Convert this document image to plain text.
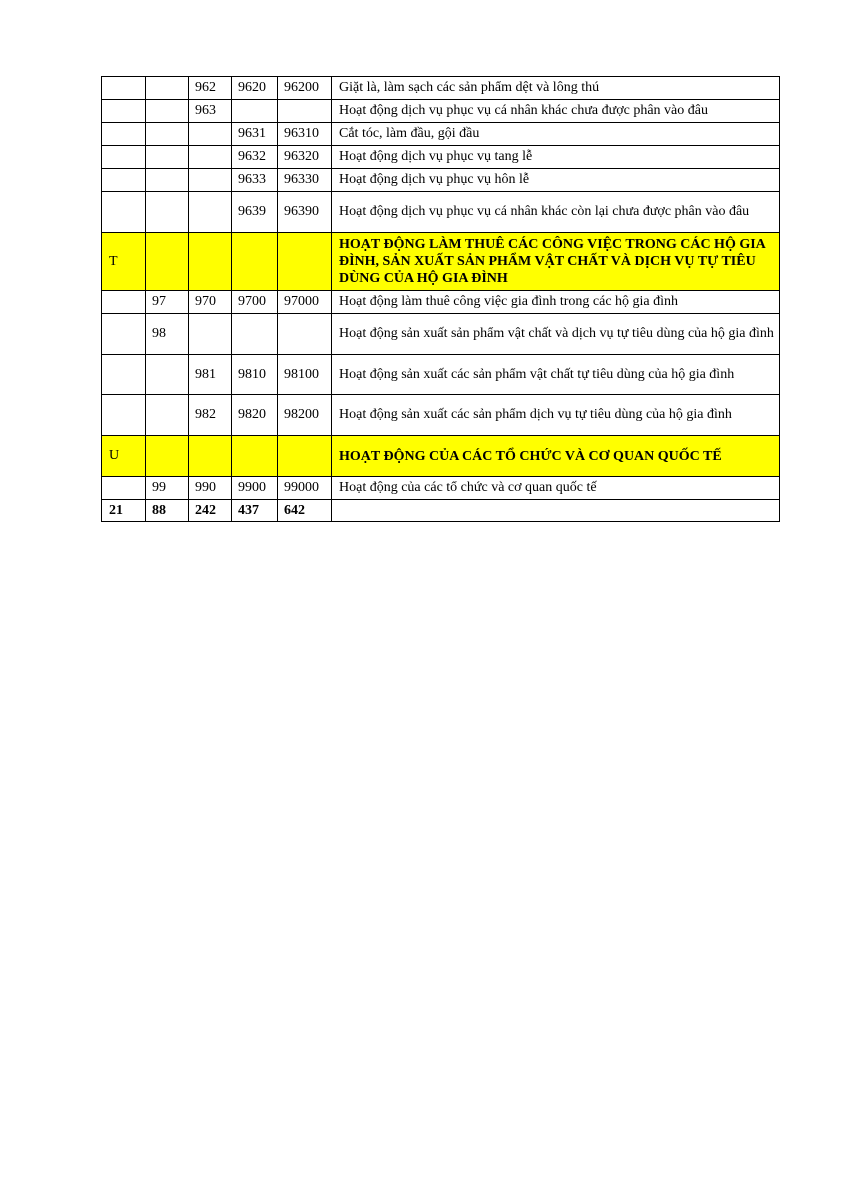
		962	9620	96200	Giặt là, làm sạch các sản phẩm dệt và lông thú
		963			Hoạt động dịch vụ phục vụ cá nhân khác chưa được phân vào đâu
			9631	96310	Cắt tóc, làm đầu, gội đầu
			9632	96320	Hoạt động dịch vụ phục vụ tang lễ
			9633	96330	Hoạt động dịch vụ phục vụ hôn lễ
			9639	96390	Hoạt động dịch vụ phục vụ cá nhân khác còn lại chưa được phân vào đâu
T					HOẠT ĐỘNG LÀM THUÊ CÁC CÔNG VIỆC TRONG CÁC HỘ GIA ĐÌNH, SẢN XUẤT SẢN PHẨM VẬT CHẤT VÀ DỊCH VỤ TỰ TIÊU DÙNG CỦA HỘ GIA ĐÌNH
	97	970	9700	97000	Hoạt động làm thuê công việc gia đình trong các hộ gia đình
	98				Hoạt động sản xuất sản phẩm vật chất và dịch vụ tự tiêu dùng của hộ gia đình
		981	9810	98100	Hoạt động sản xuất các sản phẩm vật chất tự tiêu dùng của hộ gia đình
		982	9820	98200	Hoạt động sản xuất các sản phẩm dịch vụ tự tiêu dùng của hộ gia đình
U					HOẠT ĐỘNG CỦA CÁC TỔ CHỨC VÀ CƠ QUAN QUỐC TẾ
	99	990	9900	99000	Hoạt động của các tổ chức và cơ quan quốc tế
21	88	242	437	642	
